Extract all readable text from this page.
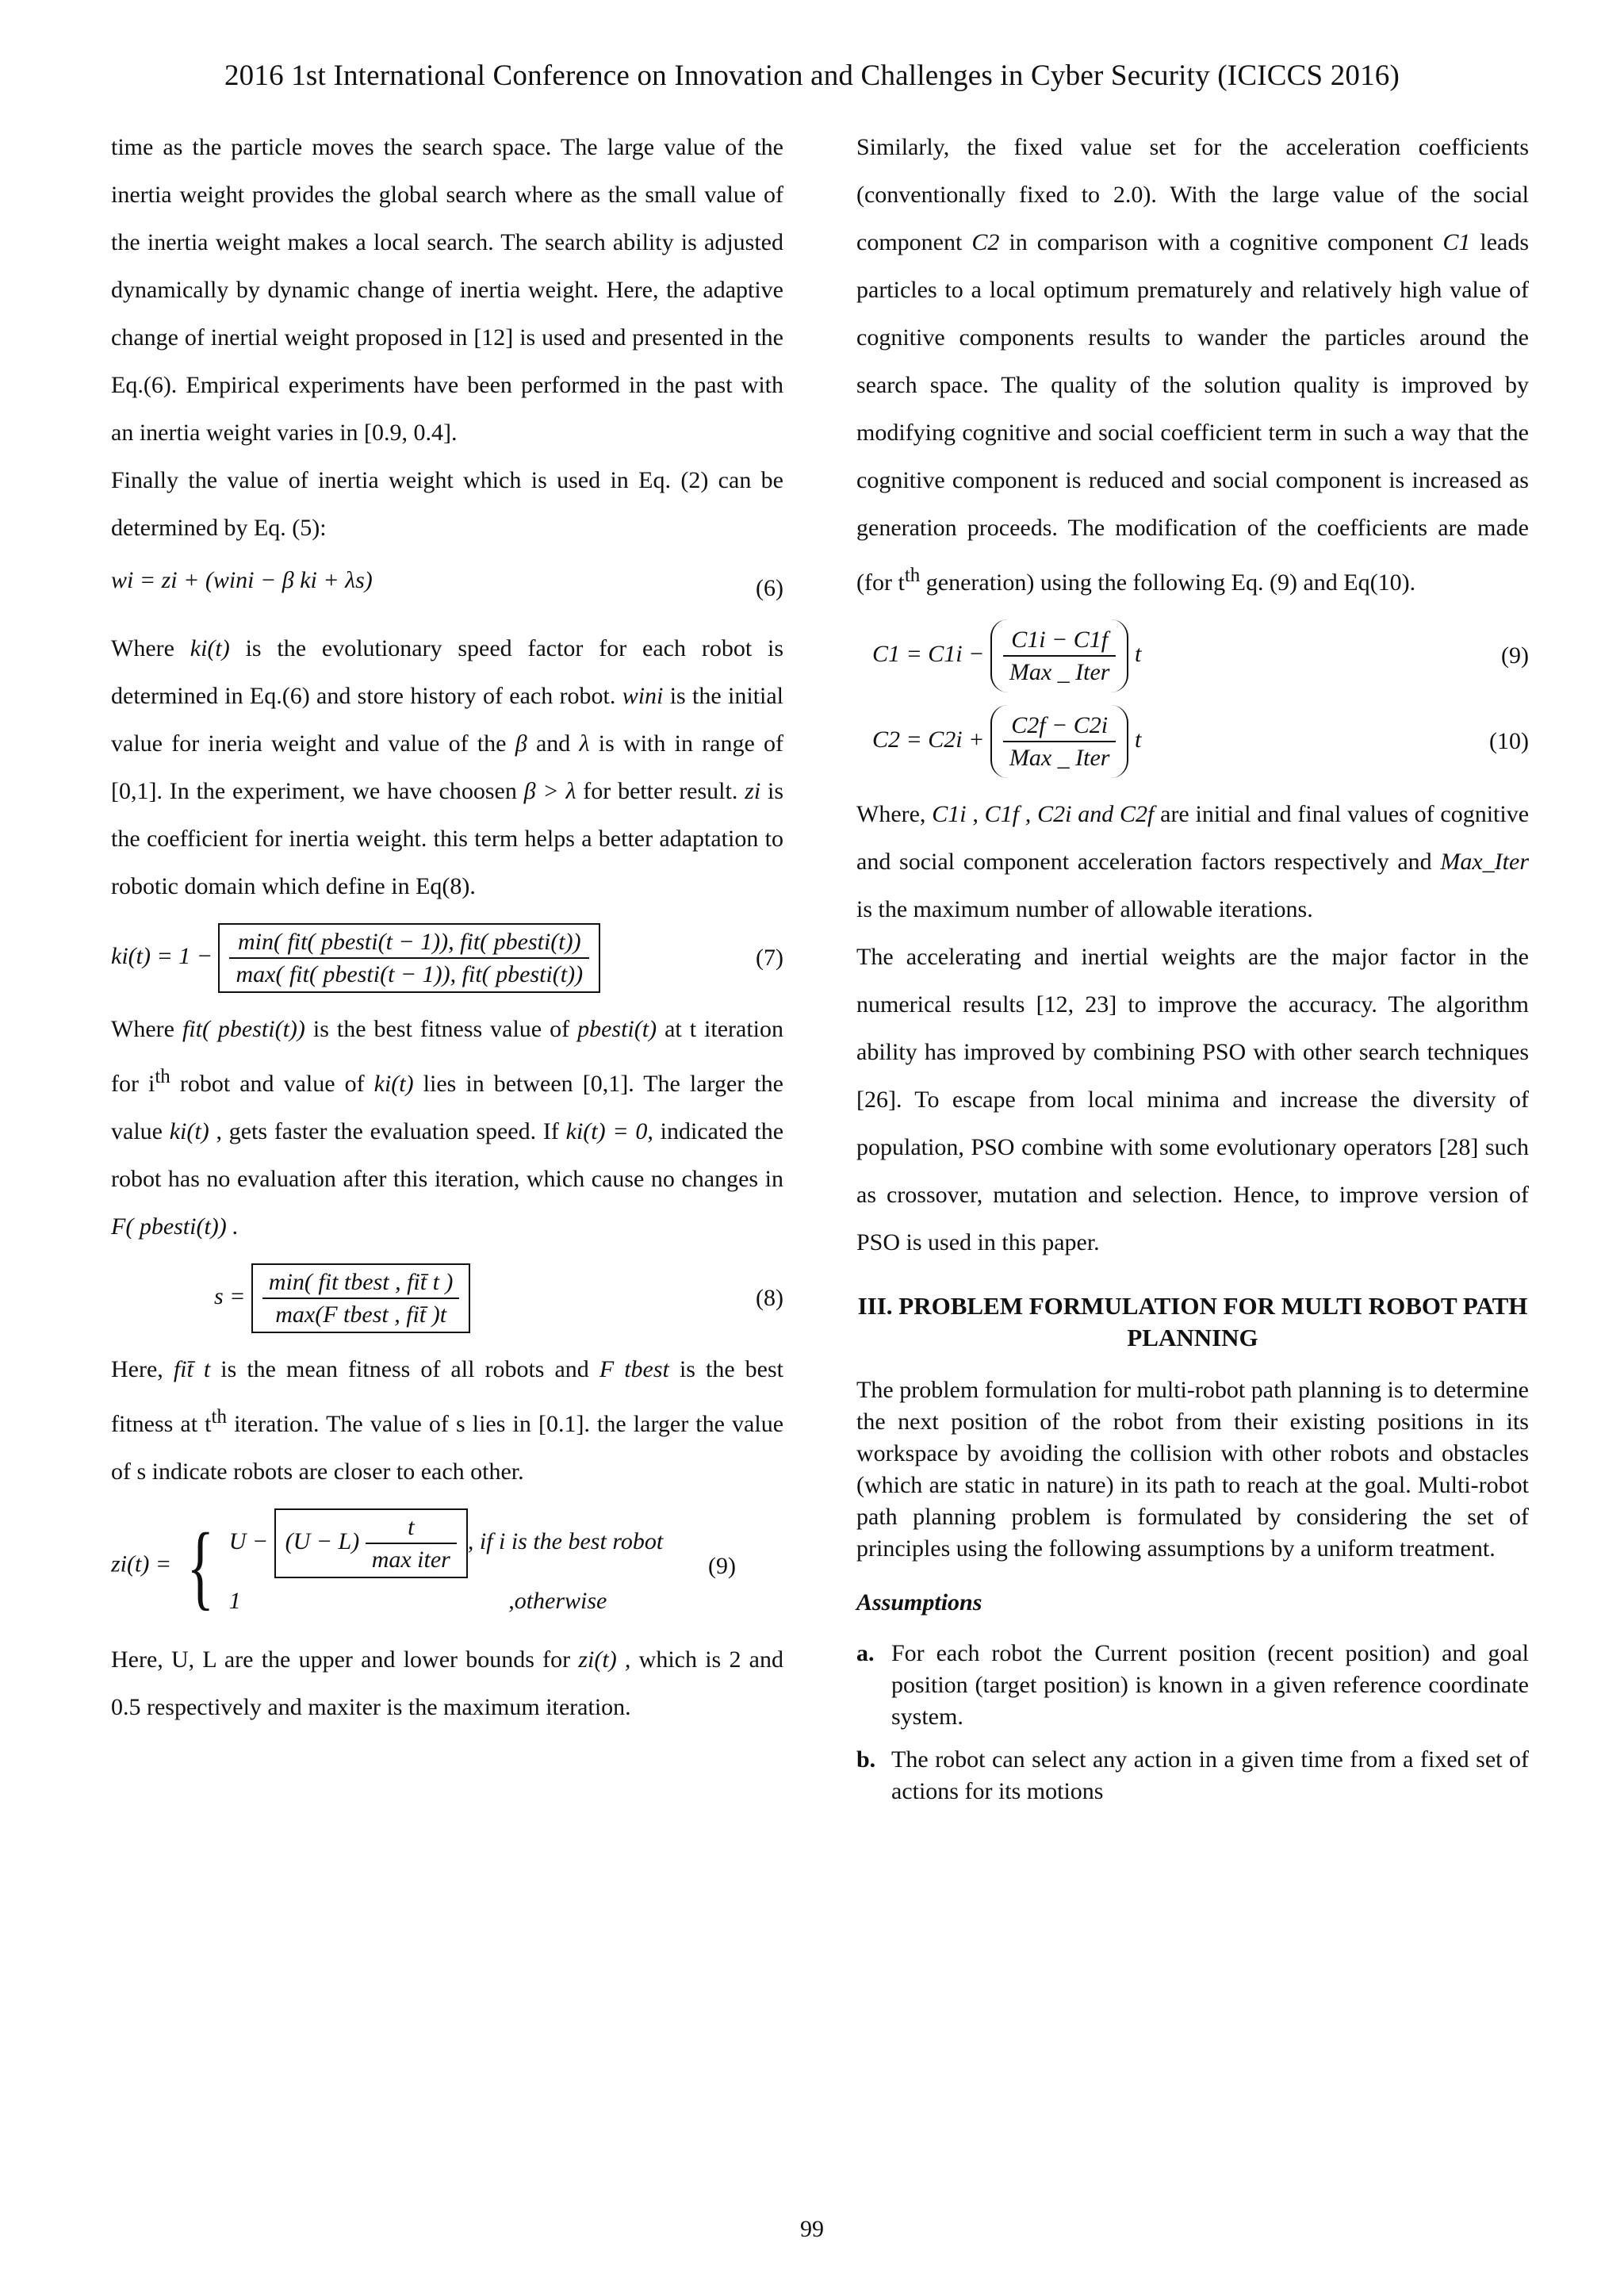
2016 1st International Conference on Innovation and Challenges in Cyber Security (ICICCS 2016)

time as the particle moves the search space. The large value of the inertia weight provides the global search where as the small value of the inertia weight makes a local search. The search ability is adjusted dynamically by dynamic change of inertia weight. Here, the adaptive change of inertial weight proposed in [12] is used and presented in the Eq.(6). Empirical experiments have been performed in the past with an inertia weight varies in [0.9, 0.4].

Finally the value of inertia weight which is used in Eq. (2) can be determined by Eq. (5):

wi = zi + (wini − β ki + λs)	(6)

Where ki(t) is the evolutionary speed factor for each robot is determined in Eq.(6) and store history of each robot. wini is the initial value for ineria weight and value of the β and λ is with in range of [0,1]. In the experiment, we have choosen β > λ for better result. zi is the coefficient for inertia weight. this term helps a better adaptation to robotic domain which define in Eq(8).

$ki(t) = 1 - \frac{\text{min( fit( pbesti(t − 1)), fit( pbesti(t))}}{\text{max( fit( pbesti(t − 1)), fit( pbesti(t))}}$	(7)

Where fit( pbesti(t)) is the best fitness value of pbesti(t) at t iteration for $i^{th}$ robot and value of ki(t) lies in between [0,1]. The larger the value ki(t) , gets faster the evaluation speed. If ki(t) = 0, indicated the robot has no evaluation after this iteration, which cause no changes in F( pbesti(t)) .

$s = \frac{\text{min( fit tbest , fit̄ t )}}{\text{max(F tbest , fit̄ )t}}$	(8)

Here, fit̄ t is the mean fitness of all robots and F tbest is the best fitness at $t^{th}$ iteration. The value of s lies in [0.1]. the larger the value of s indicate robots are closer to each other.

zi(t) = { $U - (U - L) \frac{t}{\text{max iter}}$ , if i is the best robot
1	,otherwise
(9)

Here, U, L are the upper and lower bounds for zi(t) , which is 2 and 0.5 respectively and maxiter is the maximum iteration.

Similarly, the fixed value set for the acceleration coefficients (conventionally fixed to 2.0). With the large value of the social component C2 in comparison with a cognitive component C1 leads particles to a local optimum prematurely and relatively high value of cognitive components results to wander the particles around the search space. The quality of the solution quality is improved by modifying cognitive and social coefficient term in such a way that the cognitive component is reduced and social component is increased as generation proceeds. The modification of the coefficients are made (for $t^{th}$ generation) using the following Eq. (9) and Eq(10).

$C1 = C1i - \frac{C1i - C1f}{\text{Max \_ Iter}}$ t	(9)
$C2 = C2i + \frac{C2f - C2i}{\text{Max \_ Iter}}$ t	(10)

Where, C1i , C1f , C2i and C2f are initial and final values of cognitive and social component acceleration factors respectively and Max_Iter is the maximum number of allowable iterations.

The accelerating and inertial weights are the major factor in the numerical results [12, 23] to improve the accuracy. The algorithm ability has improved by combining PSO with other search techniques [26]. To escape from local minima and increase the diversity of population, PSO combine with some evolutionary operators [28] such as crossover, mutation and selection. Hence, to improve version of PSO is used in this paper.

III. PROBLEM FORMULATION FOR MULTI ROBOT PATH PLANNING

The problem formulation for multi-robot path planning is to determine the next position of the robot from their existing positions in its workspace by avoiding the collision with other robots and obstacles (which are static in nature) in its path to reach at the goal. Multi-robot path planning problem is formulated by considering the set of principles using the following assumptions by a uniform treatment.

Assumptions
a. For each robot the Current position (recent position) and goal position (target position) is known in a given reference coordinate system.
b. The robot can select any action in a given time from a fixed set of actions for its motions
99
